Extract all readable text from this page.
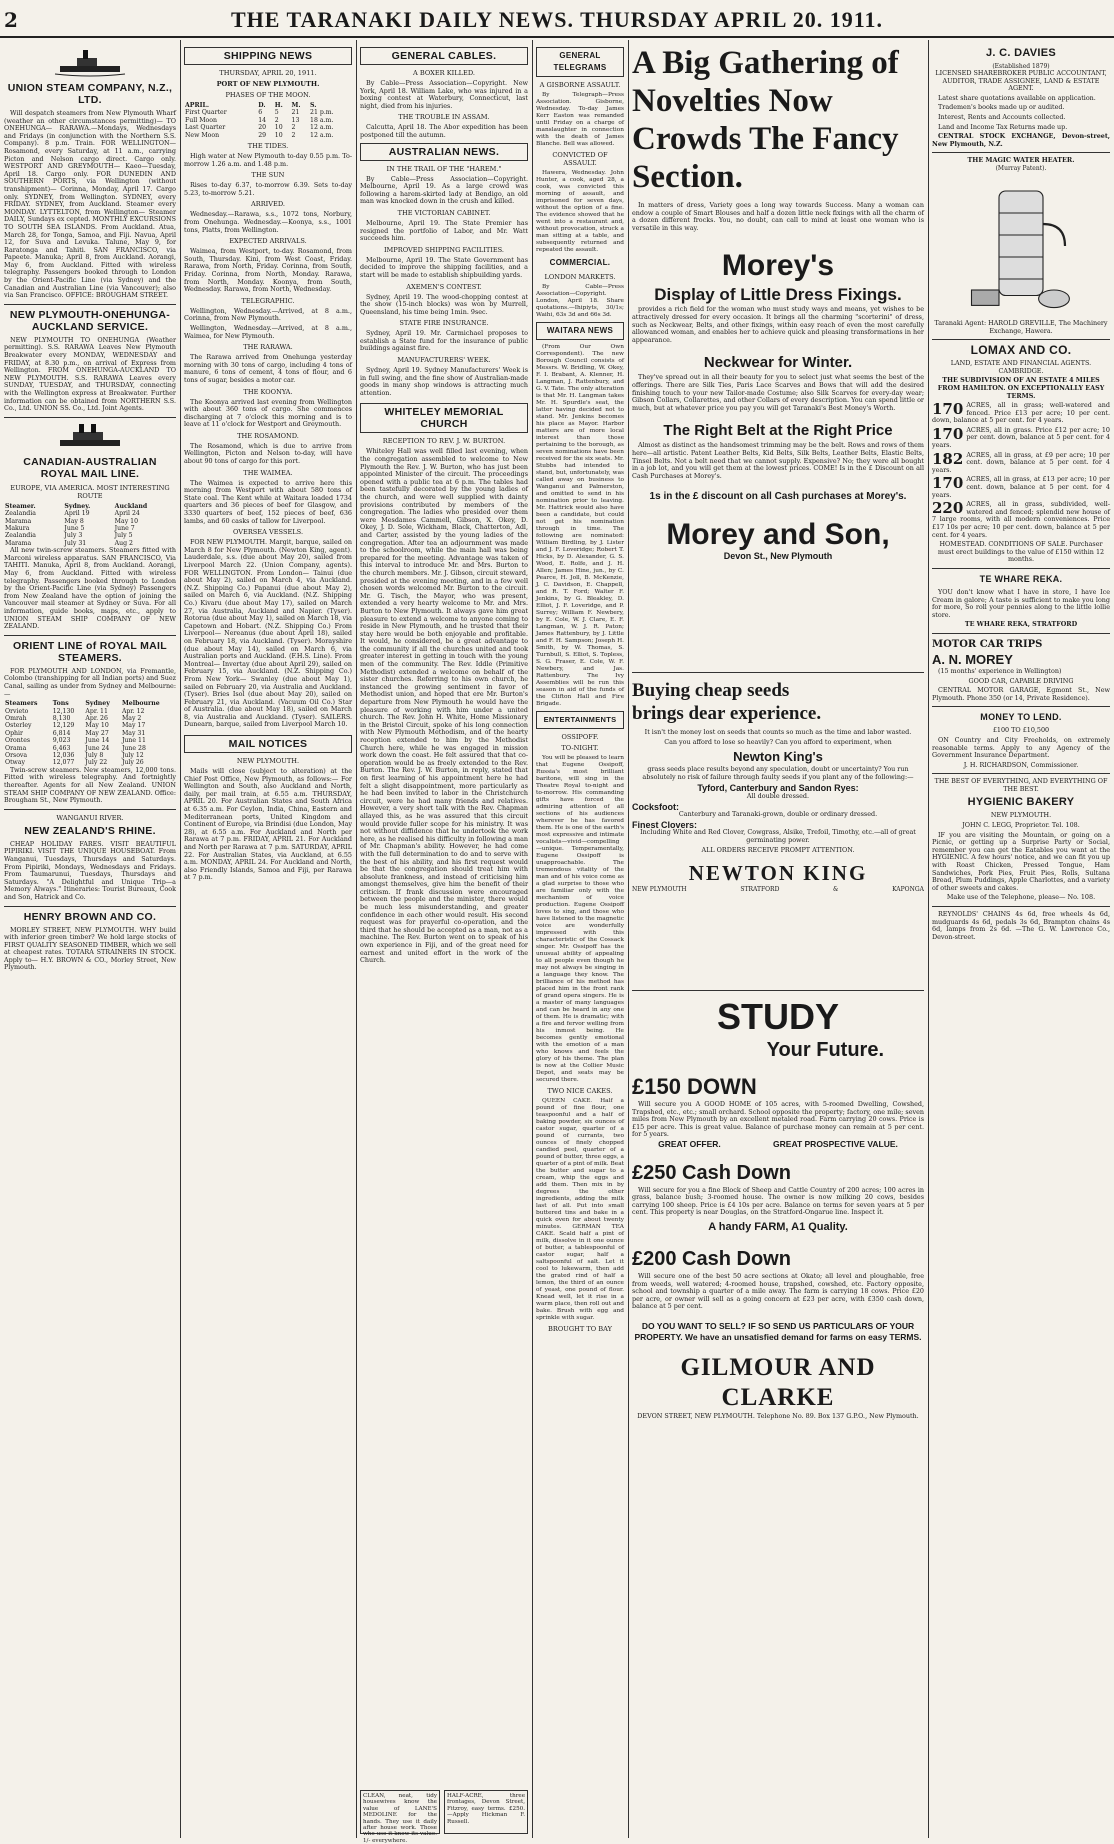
2	THE TARANAKI DAILY NEWS. THURSDAY APRIL 20. 1911.
UNION STEAM COMPANY, N.Z., LTD.

Will despatch steamers from New Plymouth Wharf (weather an other circumstances permitting)— TO ONEHUNGA— RARAWA.—Mondays, Wednesdays and Fridays (in conjunction with the Northern S.S. Company). 8 p.m. Train. FOR WELLINGTON— Rosamond, every Saturday, at 11 a.m., carrying Picton and Nelson cargo direct. Cargo only. WESTPORT AND GREYMOUTH— Kaeo—Tuesday, April 18. Cargo only. FOR DUNEDIN AND SOUTHERN PORTS, via Wellington (without transhipment)— Corinna, Monday, April 17. Cargo only. SYDNEY, from Wellington. SYDNEY, every FRIDAY. SYDNEY, from Auckland. Steamer every MONDAY. LYTTELTON, from Wellington— Steamer DAILY, Sundays ex cepted. MONTHLY EXCURSIONS TO SOUTH SEA ISLANDS. From Auckland. Atua, March 28, for Tonga, Samoa, and Fiji. Navua, April 12, for Suva and Levuka. Talune, May 9, for Raratonga and Tahiti. SAN FRANCISCO, via Papeete. Manuka; April 8, from Auckland. Aorangi, May 6, from Auckland. Fitted with wireless telegraphy. Passengers booked through to London by the Orient-Pacific Line (via Sydney) and the Canadian and Australian Line (via Vancouver); also via San Francisco. OFFICE: BROUGHAM STREET.

NEW PLYMOUTH-ONEHUNGA-AUCKLAND SERVICE.

NEW PLYMOUTH TO ONEHUNGA (Weather permitting). S.S. RARAWA Leaves New Plymouth Breakwater every MONDAY, WEDNESDAY and FRIDAY, at 8.30 p.m., on arrival of Express from Wellington. FROM ONEHUNGA-AUCKLAND TO NEW PLYMOUTH. S.S. RARAWA Leaves every SUNDAY, TUESDAY, and THURSDAY, connecting with the Wellington express at Breakwater. Further information can be obtained from NORTHERN S.S. Co., Ltd. UNION SS. Co., Ltd. Joint Agents.

CANADIAN-AUSTRALIAN ROYAL MAIL LINE.
EUROPE, VIA AMERICA. MOST INTERESTING ROUTE
Steamer.	Sydney.	Auckland
Zealandia	April 19	April 24
Marama	May 8	May 10
Makura	June 5	June 7
Zealandia	July 3	July 5
Marama	July 31	Aug 2

All new twin-screw steamers. Steamers fitted with Marconi wireless apparatus. SAN FRANCISCO, Via TAHITI. Manuka, April 8, from Auckland. Aorangi, May 6, from Auckland. Fitted with wireless telegraphy. Passengers booked through to London by the Orient-Pacific Line (via Sydney) Passengers from New Zealand have the option of joining the Vancouver mail steamer at Sydney or Suva. For all information, guide books, maps, etc., apply to UNION STEAM SHIP COMPANY OF NEW ZEALAND.

ORIENT LINE of ROYAL MAIL STEAMERS.

FOR PLYMOUTH AND LONDON, via Fremantle, Colombo (transhipping for all Indian ports) and Suez Canal, sailing as under from Sydney and Melbourne:—

Steamers	Tons	Sydney	Melbourne
Orvieto	12,130	Apr. 11	Apr. 12
Omrah	8,130	Apr. 26	May 2
Osterley	12,129	May 10	May 17
Ophir	6,814	May 27	May 31
Orontes	9,023	June 14	June 11
Orama	6,463	June 24	June 28
Orsova	12,036	July 8	July 12
Otway	12,077	July 22	July 26

Twin-screw steamers. New steamers, 12,000 tons. Fitted with wireless telegraphy. And fortnightly thereafter. Agents for all New Zealand. UNION STEAM SHIP COMPANY OF NEW ZEALAND. Office: Brougham St., New Plymouth.

WANGANUI RIVER.
NEW ZEALAND'S RHINE.

CHEAP HOLIDAY FARES. VISIT BEAUTIFUL PIPIRIKI. VISIT THE UNIQUE HOUSEBOAT. From Wanganui, Tuesdays, Thursdays and Saturdays. From Pipiriki, Mondays, Wednesdays and Fridays. From Taumarunui, Tuesdays, Thursdays and Saturdays. "A Delightful and Unique Trip—a Memory Always." Itineraries: Tourist Bureaux, Cook and Son, Hatrick and Co.

HENRY BROWN AND CO.

MORLEY STREET, NEW PLYMOUTH. WHY build with inferior green timber? We hold large stocks of FIRST QUALITY SEASONED TIMBER, which we sell at cheapest rates. TOTARA STRAINERS IN STOCK. Apply to— H.Y. BROWN & CO., Morley Street, New Plymouth.

SHIPPING NEWS
THURSDAY, APRIL 20, 1911.
PORT OF NEW PLYMOUTH.
PHASES OF THE MOON.
APRIL.	D.	H.	M.	S.
First Quarter	6	5	21	21 p.m.
Full Moon	14	2	13	18 a.m.
Last Quarter	20	10	2	12 a.m.
New Moon	29	10	2	12 a.m.
THE TIDES.

High water at New Plymouth to-day 0.55 p.m. To-morrow 1.26 a.m. and 1.48 p.m.

THE SUN

Rises to-day 6.37, to-morrow 6.39. Sets to-day 5.23, to-morrow 5.21.

ARRIVED.

Wednesday.—Rarawa, s.s., 1072 tons, Norbury, from Onehunga. Wednesday.—Koonya, s.s., 1001 tons, Platts, from Wellington.

EXPECTED ARRIVALS.

Waimea, from Westport, to-day. Rosamond, from South, Thursday. Kini, from West Coast, Friday. Rarawa, from North, Friday. Corinna, from South, Friday. Corinna, from North, Monday. Rarawa, from North, Monday. Koonya, from South, Wednesday. Rarawa, from North, Wednesday.

TELEGRAPHIC.

Wellington, Wednesday.—Arrived, at 8 a.m., Corinna, from New Plymouth.

Wellington, Wednesday.—Arrived, at 8 a.m., Waimea, for New Plymouth.

THE RARAWA.

The Rarawa arrived from Onehunga yesterday morning with 30 tons of cargo, including 4 tons of manure, 6 tons of cement, 4 tons of flour, and 6 tons of sugar, besides a motor car.

THE KOONYA.

The Koonya arrived last evening from Wellington with about 360 tons of cargo. She commences discharging at 7 o'clock this morning and is to leave at 11 o'clock for Westport and Greymouth.

THE ROSAMOND.

The Rosamond, which is due to arrive from Wellington, Picton and Nelson to-day, will have about 90 tons of cargo for this port.

THE WAIMEA.

The Waimea is expected to arrive here this morning from Westport with about 580 tons of State coal. The Kent while at Waitara loaded 1734 quarters and 36 pieces of beef for Glasgow, and 3330 quarters of beef, 152 pieces of beef, 636 lambs, and 60 casks of tallow for Liverpool.

OVERSEA VESSELS.

FOR NEW PLYMOUTH. Margit, barque, sailed on March 8 for New Plymouth. (Newton King, agent). Lauderdale, s.s. (due about May 20), sailed from Liverpool March 22. (Union Company, agents). FOR WELLINGTON. From London— Tainui (due about May 2), sailed on March 4, via Auckland. (N.Z. Shipping Co.) Papanui (due about May 2), sailed on March 6, via Auckland. (N.Z. Shipping Co.) Kivaru (due about May 17), sailed on March 27, via Australia, Auckland and Napier. (Tyser). Rotorua (due about May 1), sailed on March 18, via Capetown and Hobart. (N.Z. Shipping Co.) From Liverpool— Nereanus (due about April 18), sailed on February 18, via Auckland. (Tyser). Morayshire (due about May 14), sailed on March 6, via Australian ports and Auckland. (F.H.S. Line). From Montreal— Invertay (due about April 29), sailed on February 15, via Auckland. (N.Z. Shipping Co.) From New York— Swanley (due about May 1), sailed on February 20, via Australia and Auckland. (Tyser). Bries Isol (due about May 20), sailed on February 21, via Auckland. (Vacuum Oil Co.) Star of Australia. (due about May 18), sailed on March 8, via Australia and Auckland. (Tyser). SAILERS. Dunearn, barque, sailed from Liverpool March 10.

MAIL NOTICES
NEW PLYMOUTH.

Mails will close (subject to alteration) at the Chief Post Office, New Plymouth, as follows:— For Wellington and South, also Auckland and North, daily, per mail train, at 6.55 a.m. THURSDAY, APRIL 20. For Australian States and South Africa at 6.35 a.m. For Ceylon, India, China, Eastern and Mediterranean ports, United Kingdom and Continent of Europe, via Brindisi (due London, May 28), at 6.55 a.m. For Auckland and North per Rarawa at 7 p.m. FRIDAY, APRIL 21. For Auckland and North per Rarawa at 7 p.m. SATURDAY, APRIL 22. For Australian States, via Auckland, at 6.55 a.m. MONDAY, APRIL 24. For Auckland and North, also Friendly Islands, Samoa and Fiji, per Rarawa at 7 p.m.

GENERAL CABLES.
A BOXER KILLED.

By Cable—Press Association—Copyright. New York, April 18. William Lake, who was injured in a boxing contest at Waterbury, Connecticut, last night, died from his injuries.

THE TROUBLE IN ASSAM.

Calcutta, April 18. The Abor expedition has been postponed till the autumn.

AUSTRALIAN NEWS.
IN THE TRAIL OF THE "HAREM."

By Cable—Press Association—Copyright. Melbourne, April 19. As a large crowd was following a harem-skirted lady at Bendigo, an old man was knocked down in the crush and killed.

THE VICTORIAN CABINET.

Melbourne, April 19. The State Premier has resigned the portfolio of Labor, and Mr. Watt succeeds him.

IMPROVED SHIPPING FACILITIES.

Melbourne, April 19. The State Government has decided to improve the shipping facilities, and a start will be made to establish shipbuilding yards.

AXEMEN'S CONTEST.

Sydney, April 19. The wood-chopping contest at the show (15-inch blocks) was won by Murrell, Queensland, his time being 1min. 9sec.

STATE FIRE INSURANCE.

Sydney, April 19. Mr. Carmichael proposes to establish a State fund for the insurance of public buildings against fire.

MANUFACTURERS' WEEK.

Sydney, April 19. Sydney Manufacturers' Week is in full swing, and the fine show of Australian-made goods in many shop windows is attracting much attention.

WHITELEY MEMORIAL CHURCH
RECEPTION TO REV. J. W. BURTON.

Whiteley Hall was well filled last evening, when the congregation assembled to welcome to New Plymouth the Rev. J. W. Burton, who has just been appointed Minister of the circuit. The proceedings opened with a public tea at 6 p.m. The tables had been tastefully decorated by the young ladies of the church, and were well supplied with dainty provisions contributed by members of the congregation. The ladies who presided over them were Mesdames Cammell, Gibson, X. Okey, D. Okey, J. D. Sole, Wickham, Black, Chatterton, Adl, and Carter, assisted by the young ladies of the congregation. After tea an adjournment was made to the schoolroom, while the main hall was being prepared for the meeting. Advantage was taken of this interval to introduce Mr. and Mrs. Burton to the church members. Mr. J. Gibson, circuit steward, presided at the evening meeting, and in a few well chosen words welcomed Mr. Burton to the circuit. Mr. G. Tisch, the Mayor, who was present, extended a very hearty welcome to Mr. and Mrs. Burton to New Plymouth. It always gave him great pleasure to extend a welcome to anyone coming to reside in New Plymouth, and he trusted that their stay here would be both enjoyable and profitable. It would, he considered, be a great advantage to the community if all the churches united and took greater interest in getting in touch with the young men of the community. The Rev. Iddle (Primitive Methodist) extended a welcome on behalf of the sister churches. Referring to his own church, he instanced the growing sentiment in favor of Methodist union, and hoped that ere Mr. Burton's departure from New Plymouth he would have the pleasure of working with him under a united church. The Rev. John H. White, Home Missionary in the Bristol Circuit, spoke of his long connection with New Plymouth Methodism, and of the hearty reception extended to him by the Methodist Church here, while he was engaged in mission work down the coast. He felt assured that that co-operation would be as freely extended to the Rev. Burton. The Rev. J. W. Burton, in reply, stated that on first learning of his appointment here he had felt a slight disappointment, more particularly as he had been invited to labor in the Christchurch circuit, were he had many friends and relatives. However, a very short talk with the Rev. Chapman allayed this, as he was assured that this circuit would provide fuller scope for his ministry. It was not without diffidence that he undertook the work here, as he realised his difficulty in following a man of Mr. Chapman's ability. However, he had come with the full determination to do and to serve with the best of his ability, and his first request would be that the congregation should treat him with absolute frankness, and instead of criticising him amongst themselves, give him the benefit of their criticism. If frank discussion were encouraged between the people and the minister, there would be much less misunderstanding, and greater confidence in each other would result. His second request was for prayerful co-operation, and the third that he should be accepted as a man, not as a machine. The Rev. Burton went on to speak of his own experience in Fiji, and of the great need for earnest and united effort in the work of the Church.

CLEAN, neat, tidy housewives know the value of LANE'S MEDOLINE for the hands. They use it daily after house work. Those who use it know its value. 1/- everywhere.
HALF-ACRE, three frontages, Devon Street, Fitzroy, easy terms. £250.—Apply Hickman F. Russell.
GENERAL TELEGRAMS
A GISBORNE ASSAULT.

By Telegraph—Press Association. Gisborne, Wednesday. To-day James Kerr Easton was remanded until Friday on a charge of manslaughter in connection with the death of James Blanche. Bell was allowed.

CONVICTED OF ASSAULT.

Hawera, Wednesday. John Hunter, a cook, aged 28, a cook, was convicted this morning of assault, and imprisoned for seven days, without the option of a fine. The evidence showed that he went into a restaurant and, without provocation, struck a man sitting at a table, and subsequently returned and repeated the assault.

COMMERCIAL.
LONDON MARKETS.

By Cable—Press Association—Copyright. London, April 18. Share quotations.—Ihipiyts, 30/1s; Waihi, 63s 3d and 66s 3d.

WAITARA NEWS

(From Our Own Correspondent). The new Borough Council consists of Messrs. W. Bridling, W. Okey, F. I. Brabant, A. Klenner, H. Langman, J. Rattenbury, and G. V. Tate. The only alteration is that Mr. H. Langman takes Mr. H. Spurdle's seat, the latter having decided not to stand. Mr. Jenkins becomes his place as Mayor. Harbor matters are of more local interest than those pertaining to the borough, as seven nominations have been received for the six seats. Mr. Stubbs had intended to stand, but, unfortunately, was called away on business to Wanganui and Palmerston, and omitted to send in his nomination prior to leaving. Mr. Hattrick would also have been a candidate, but could not get his nomination through in time. The following are nominated: William Birdling, by J. Lister and J. F. Loveridge; Robert T. Hicks, by D. Alexander, G. S. Wood, E. Rolfe, and J. H. Allen; James Hine, jun., by C. Pearce, H. Joll, B. McKenzie, J. C. Davidson, E. Chappell, and R. T. Ford; Walter F. Jenkins, by G. Bleakley, D. Elliot, J. F. Loveridge, and P. Surrey; William F. Newbery, by E. Cole, W. J. Clare, E. F. Langman, W. J. R. Paton; James Rattenbury, by J. Little and F. H. Sampson; Joseph H. Smith, by W. Thomas, S. Turnbull, S. Elliot, S. Topless, S. G. Fraser, E. Cole, W. F. Newbery, and Jas. Rattenbury. The Ivy Assemblies will be run this season in aid of the funds of the Clifton Hall and Fire Brigade.

ENTERTAINMENTS
OSSIPOFF.
TO-NIGHT.

You will be pleased to learn that Eugene Ossipoff, Russia's most brilliant baritone, will sing in the Theatre Royal to-night and to-morrow. His commanding gifts have forced the admiring attention of all sections of his audiences wherever he has favored them. He is one of the earth's most expressive and intimate vocalists—vivid—compelling—unique. Temperamentally, Eugene Ossipoff is unapproachable. The tremendous vitality of the man and of his voice come as a glad surprise to those who are familiar only with the mechanism of voice production. Eugene Ossipoff loves to sing, and those who have listened to the magnetic voice are wonderfully impressed with this characteristic of the Cossack singer. Mr. Ossipoff has the unusual ability of appealing to all people even though he may not always be singing in a language they know. The brilliance of his method has placed him in the front rank of grand opera singers. He is a master of many languages and can be heard in any one of them. He is dramatic; with a fire and fervor welling from his inmost being. He becomes gently emotional with the emotion of a man who knows and feels the glory of his theme. The plan is now at the Collier Music Depot, and seats may be secured there.

TWO NICE CAKES.

QUEEN CAKE. Half a pound of fine flour, one teaspoonful and a half of baking powder, six ounces of castor sugar, quarter of a pound of currants, two ounces of finely chopped candied peel, quarter of a pound of butter, three eggs, a quarter of a pint of milk. Beat the butter and sugar to a cream, whip the eggs and add them. Then mix in by degrees the other ingredients, adding the milk last of all. Put into small buttered tins and bake in a quick oven for about twenty minutes. GERMAN TEA CAKE. Scald half a pint of milk, dissolve in it one ounce of butter, a tablespoonful of castor sugar, half a saltspoonful of salt. Let it cool to lukewarm, then add the grated rind of half a lemon, the third of an ounce of yeast, one pound of flour. Knead well, let it rise in a warm place, then roll out and bake. Brush with egg and sprinkle with sugar.

BROUGHT TO BAY
A Big Gathering of Novelties Now Crowds The Fancy Section.

In matters of dress, Variety goes a long way towards Success. Many a woman can endow a couple of Smart Blouses and half a dozen little neck fixings with all the charm of a dozen different frocks. You, no doubt, can call to mind at least one woman who is versatile in this way.

Morey's
Display of Little Dress Fixings.

provides a rich field for the woman who must study ways and means, yet wishes to be attractively dressed for every occasion. It brings all the charming "scorterini" of dress, such as Neckwear, Belts, and other fixings, within easy reach of even the most carefully allowanced woman, and enables her to achieve quick and pleasing transformations in her appearance.

Neckwear for Winter.

They've spread out in all their beauty for you to select just what seems the best of the offerings. There are Silk Ties, Paris Lace Scarves and Bows that will add the desired finishing touch to your new Tailor-made Costume; also Silk Scarves for every-day wear; Gibson Collars, Collarettes, and other Collars of every description. You can spend little or much, but at whatever price you pay you will get Taranaki's Best Money's Worth.

The Right Belt at the Right Price

Almost as distinct as the handsomest trimming may be the belt. Rows and rows of them here—all artistic. Patent Leather Belts, Kid Belts, Silk Belts, Leather Belts, Elastic Belts, Tinsel Belts. Not a belt need that we cannot supply. Expensive? No; they were all bought in a job lot, and you will get them at the lowest prices. COME! Is in the £ Discount on all Cash Purchases at Morey's.

1s in the £ discount on all Cash purchases at Morey's.
Morey and Son,
Devon St., New Plymouth
Buying cheap seeds
brings dear experience.

It isn't the money lost on seeds that counts so much as the time and labor wasted.

Can you afford to lose so heavily? Can you afford to experiment, when

Newton King's

grass seeds place results beyond any speculation, doubt or uncertainty? You run absolutely no risk of failure through faulty seeds if you plant any of the following:—

Tyford, Canterbury and Sandon Ryes:

All double dressed.

Cocksfoot:

Canterbury and Taranaki-grown, double or ordinary dressed.

Finest Clovers:

Including White and Red Clover, Cowgrass, Alsike, Trefoil, Timothy, etc.—all of great germinating power.

ALL ORDERS RECEIVE PROMPT ATTENTION.

NEWTON KING
NEW PLYMOUTH	STRATFORD	&	KAPONGA
STUDY
Your Future.
£150 DOWN

Will secure you A GOOD HOME of 105 acres, with 5-roomed Dwelling, Cowshed, Trapshed, etc., etc.; small orchard. School opposite the property; factory, one mile; seven miles from New Plymouth by an excellent metaled road. Farm carrying 20 cows. Price is £15 per acre. This is great value. Balance of purchase money can remain at 5 per cent. for 5 years.

GREAT OFFER.	GREAT PROSPECTIVE VALUE.
£250 Cash Down

Will secure for you a fine Block of Sheep and Cattle Country of 200 acres; 100 acres in grass, balance bush; 3-roomed house. The owner is now milking 20 cows, besides carrying 100 sheep. Price is £4 10s per acre. Balance on terms for seven years at 5 per cent. This property is near Douglas, on the Stratford-Ongarue line. Inspect it.

A handy FARM, A1 Quality.
£200 Cash Down

Will secure one of the best 50 acre sections at Okato; all level and ploughable, free from weeds, well watered; 4-roomed house, trapshed, cowshed, etc. Factory opposite, school and township a quarter of a mile away. The farm is carrying 18 cows. Price £20 per acre, or owner will sell as a going concern at £23 per acre, with £350 cash down, balance at 5 per cent.

DO YOU WANT TO SELL? IF SO SEND US PARTICULARS OF YOUR PROPERTY. We have an unsatisfied demand for farms on easy TERMS.

GILMOUR AND CLARKE

DEVON STREET, NEW PLYMOUTH. Telephone No. 89. Box 137 G.P.O., New Plymouth.

J. C. DAVIES
(Established 1879)

LICENSED SHAREBROKER PUBLIC ACCOUNTANT, AUDITOR, TRADE ASSIGNEE, LAND & ESTATE AGENT.

Latest share quotations available on application.

Trademen's books made up or audited.

Interest, Rents and Accounts collected.

Land and Income Tax Returns made up.

CENTRAL STOCK EXCHANGE, Devon-street, New Plymouth, N.Z.

THE MAGIC WATER HEATER.
(Murray Patent).

Taranaki Agent: HAROLD GREVILLE, The Machinery Exchange, Hawera.

LOMAX AND CO.

LAND, ESTATE AND FINANCIAL AGENTS. CAMBRIDGE.

THE SUBDIVISION OF AN ESTATE 4 MILES FROM HAMILTON. ON EXCEPTIONALLY EASY TERMS.

170 ACRES, all in grass; well-watered and fenced. Price £13 per acre; 10 per cent. down, balance at 5 per cent. for 4 years.
170 ACRES, all in grass. Price £12 per acre; 10 per cent. down, balance at 5 per cent. for 4 years.
182 ACRES, all in grass, at £9 per acre; 10 per cent. down, balance at 5 per cent. for 4 years.
170 ACRES, all in grass, at £13 per acre; 10 per cent. down, balance at 5 per cent. for 4 years.
220 ACRES, all in grass, subdivided, well-watered and fenced; splendid new house of 7 large rooms, with all modern conveniences. Price £17 10s per acre; 10 per cent. down, balance at 5 per cent. for 4 years.

HOMESTEAD. CONDITIONS OF SALE. Purchaser must erect buildings to the value of £150 within 12 months.

TE WHARE REKA.

YOU don't know what I have in store, I have Ice Cream in galore; A taste is sufficient to make you long for more, So roll your pennies along to the little lollie store.

TE WHARE REKA, STRATFORD

MOTOR CAR TRIPS
A. N. MOREY

(15 months' experience in Wellington)

GOOD CAR, CAPABLE DRIVING

CENTRAL MOTOR GARAGE, Egmont St., New Plymouth. Phone 350 (or 14, Private Residence).

MONEY TO LEND.

£100 TO £10,500

ON Country and City Freeholds, on extremely reasonable terms. Apply to any Agency of the Government Insurance Department.

J. H. RICHARDSON, Commissioner.

THE BEST OF EVERYTHING, AND EVERYTHING OF THE BEST.

HYGIENIC BAKERY

NEW PLYMOUTH.

JOHN C. LEGG, Proprietor. Tel. 108.

IF you are visiting the Mountain, or going on a Picnic, or getting up a Surprise Party or Social, remember you can get the Eatables you want at the HYGIENIC. A few hours' notice, and we can fit you up with Roast Chicken, Pressed Tongue, Ham Sandwiches, Pork Pies, Fruit Pies, Rolls, Sultana Bread, Plum Puddings, Apple Charlottes, and a variety of other sweets and cakes.

Make use of the Telephone, please— No. 108.

REYNOLDS' CHAINS 4s 6d, free wheels 4s 6d, mudguards 4s 6d, pedals 3s 6d, Brampton chains 4s 6d, lamps from 2s 6d. —The G. W. Lawrence Co., Devon-street.
